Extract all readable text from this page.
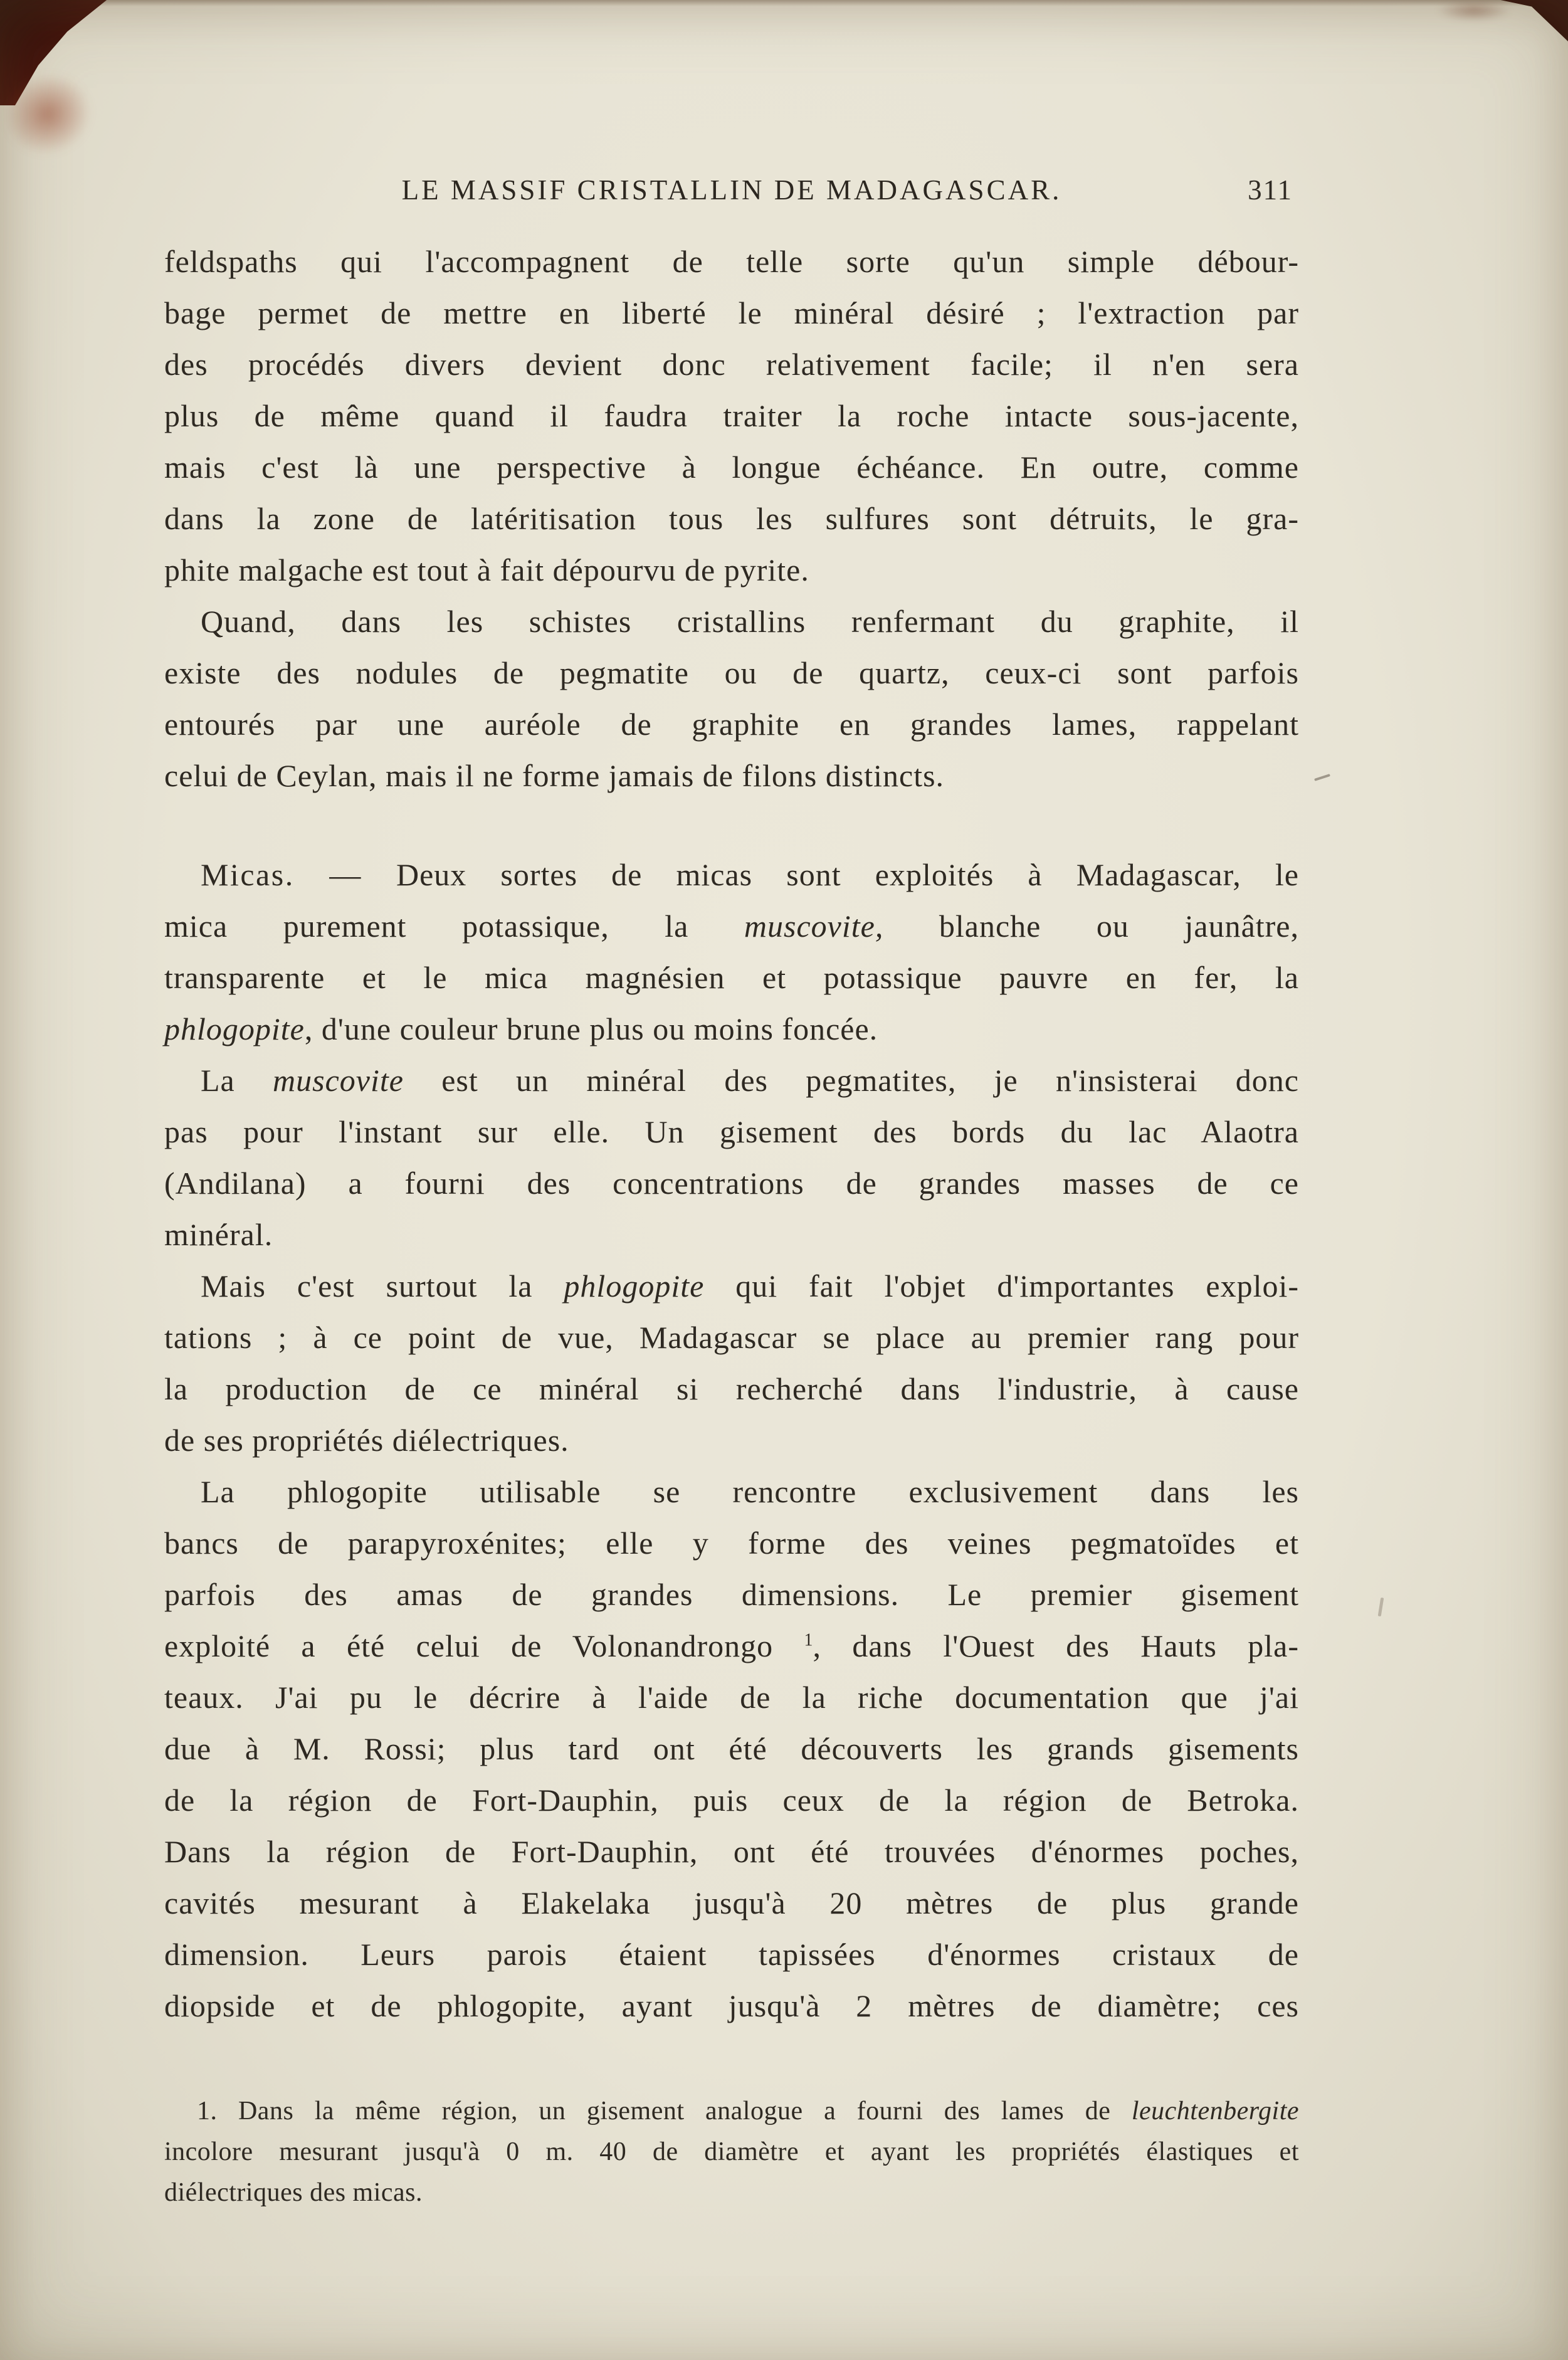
LE MASSIF CRISTALLIN DE MADAGASCAR.	311
feldspaths qui l'accompagnent de telle sorte qu'un simple débour-
bage permet de mettre en liberté le minéral désiré ; l'extraction par
des procédés divers devient donc relativement facile; il n'en sera
plus de même quand il faudra traiter la roche intacte sous-jacente,
mais c'est là une perspective à longue échéance. En outre, comme
dans la zone de latéritisation tous les sulfures sont détruits, le gra-
phite malgache est tout à fait dépourvu de pyrite.
Quand, dans les schistes cristallins renfermant du graphite, il
existe des nodules de pegmatite ou de quartz, ceux-ci sont parfois
entourés par une auréole de graphite en grandes lames, rappelant
celui de Ceylan, mais il ne forme jamais de filons distincts.
Micas. — Deux sortes de micas sont exploités à Madagascar, le
mica purement potassique, la muscovite, blanche ou jaunâtre,
transparente et le mica magnésien et potassique pauvre en fer, la
phlogopite, d'une couleur brune plus ou moins foncée.
La muscovite est un minéral des pegmatites, je n'insisterai donc
pas pour l'instant sur elle. Un gisement des bords du lac Alaotra
(Andilana) a fourni des concentrations de grandes masses de ce
minéral.
Mais c'est surtout la phlogopite qui fait l'objet d'importantes exploi-
tations ; à ce point de vue, Madagascar se place au premier rang pour
la production de ce minéral si recherché dans l'industrie, à cause
de ses propriétés diélectriques.
La phlogopite utilisable se rencontre exclusivement dans les
bancs de parapyroxénites; elle y forme des veines pegmatoïdes et
parfois des amas de grandes dimensions. Le premier gisement
exploité a été celui de Volonandrongo $^1$, dans l'Ouest des Hauts pla-
teaux. J'ai pu le décrire à l'aide de la riche documentation que j'ai
due à M. Rossi; plus tard ont été découverts les grands gisements
de la région de Fort-Dauphin, puis ceux de la région de Betroka.
Dans la région de Fort-Dauphin, ont été trouvées d'énormes poches,
cavités mesurant à Elakelaka jusqu'à 20 mètres de plus grande
dimension. Leurs parois étaient tapissées d'énormes cristaux de
diopside et de phlogopite, ayant jusqu'à 2 mètres de diamètre; ces
1. Dans la même région, un gisement analogue a fourni des lames de leuchtenbergite
incolore mesurant jusqu'à 0 m. 40 de diamètre et ayant les propriétés élastiques et
diélectriques des micas.
